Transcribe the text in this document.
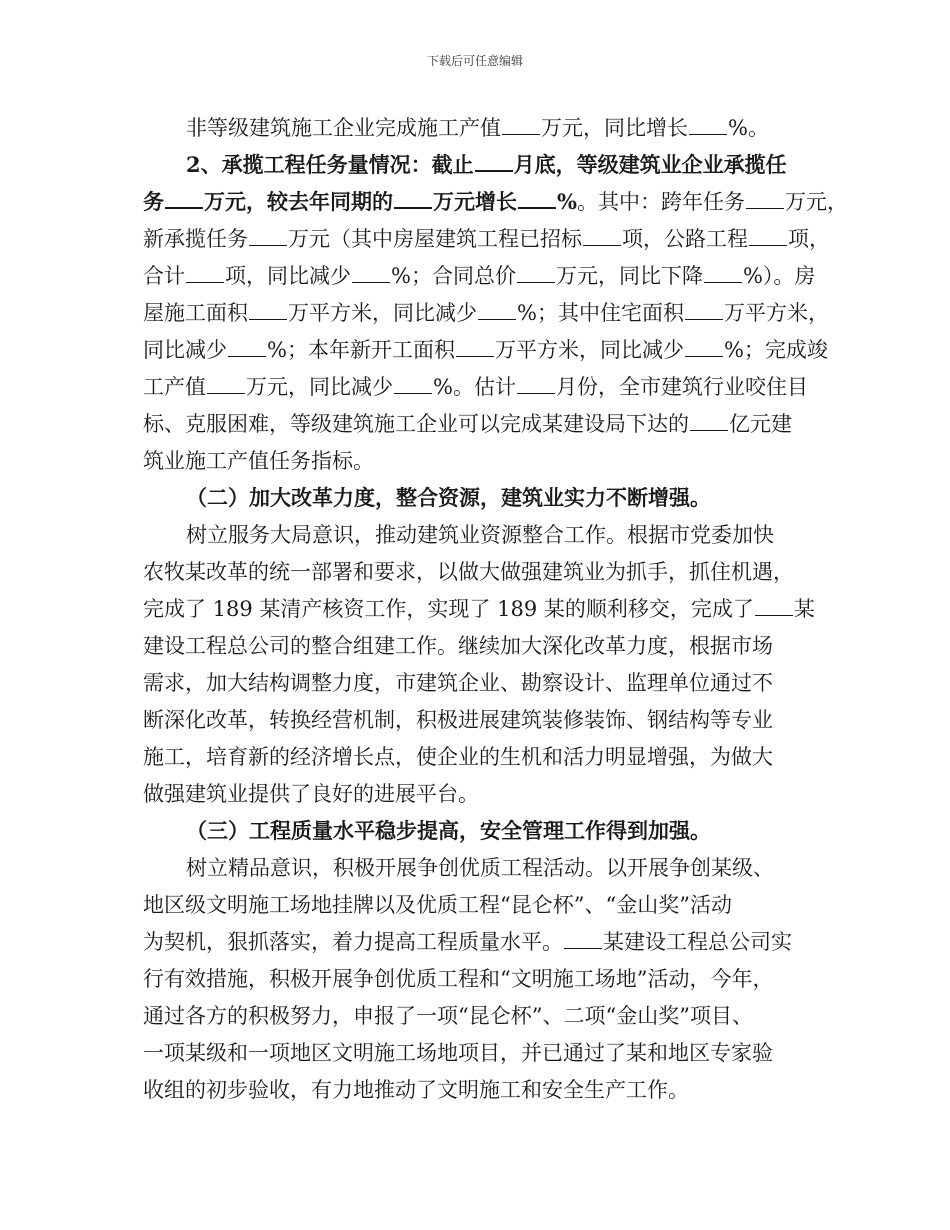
下载后可任意编辑
非等级建筑施工企业完成施工产值 万元，同比增长 %。
2、承揽工程任务量情况：截止 月底，等级建筑业企业承揽任
务 万元，较去年同期的 万元增长 %。其中：跨年任务 万元，
新承揽任务 万元（其中房屋建筑工程已招标 项，公路工程 项，
合计 项，同比减少 %；合同总价 万元，同比下降 %）。房
屋施工面积 万平方米，同比减少 %；其中住宅面积 万平方米，
同比减少 %；本年新开工面积 万平方米，同比减少 %；完成竣
工产值 万元，同比减少 %。估计 月份，全市建筑行业咬住目
标、克服困难，等级建筑施工企业可以完成某建设局下达的 亿元建
筑业施工产值任务指标。
（二）加大改革力度，整合资源，建筑业实力不断增强。
树立服务大局意识，推动建筑业资源整合工作。根据市党委加快
农牧某改革的统一部署和要求，以做大做强建筑业为抓手，抓住机遇，
完成了 189 某清产核资工作，实现了 189 某的顺利移交，完成了 某
建设工程总公司的整合组建工作。继续加大深化改革力度，根据市场
需求，加大结构调整力度，市建筑企业、勘察设计、监理单位通过不
断深化改革，转换经营机制，积极进展建筑装修装饰、钢结构等专业
施工，培育新的经济增长点，使企业的生机和活力明显增强，为做大
做强建筑业提供了良好的进展平台。
（三）工程质量水平稳步提高，安全管理工作得到加强。
树立精品意识，积极开展争创优质工程活动。以开展争创某级、
地区级文明施工场地挂牌以及优质工程“昆仑杯”、“金山奖”活动
为契机，狠抓落实，着力提高工程质量水平。 某建设工程总公司实
行有效措施，积极开展争创优质工程和“文明施工场地”活动，今年，
通过各方的积极努力，申报了一项“昆仑杯”、二项“金山奖”项目、
一项某级和一项地区文明施工场地项目，并已通过了某和地区专家验
收组的初步验收，有力地推动了文明施工和安全生产工作。
